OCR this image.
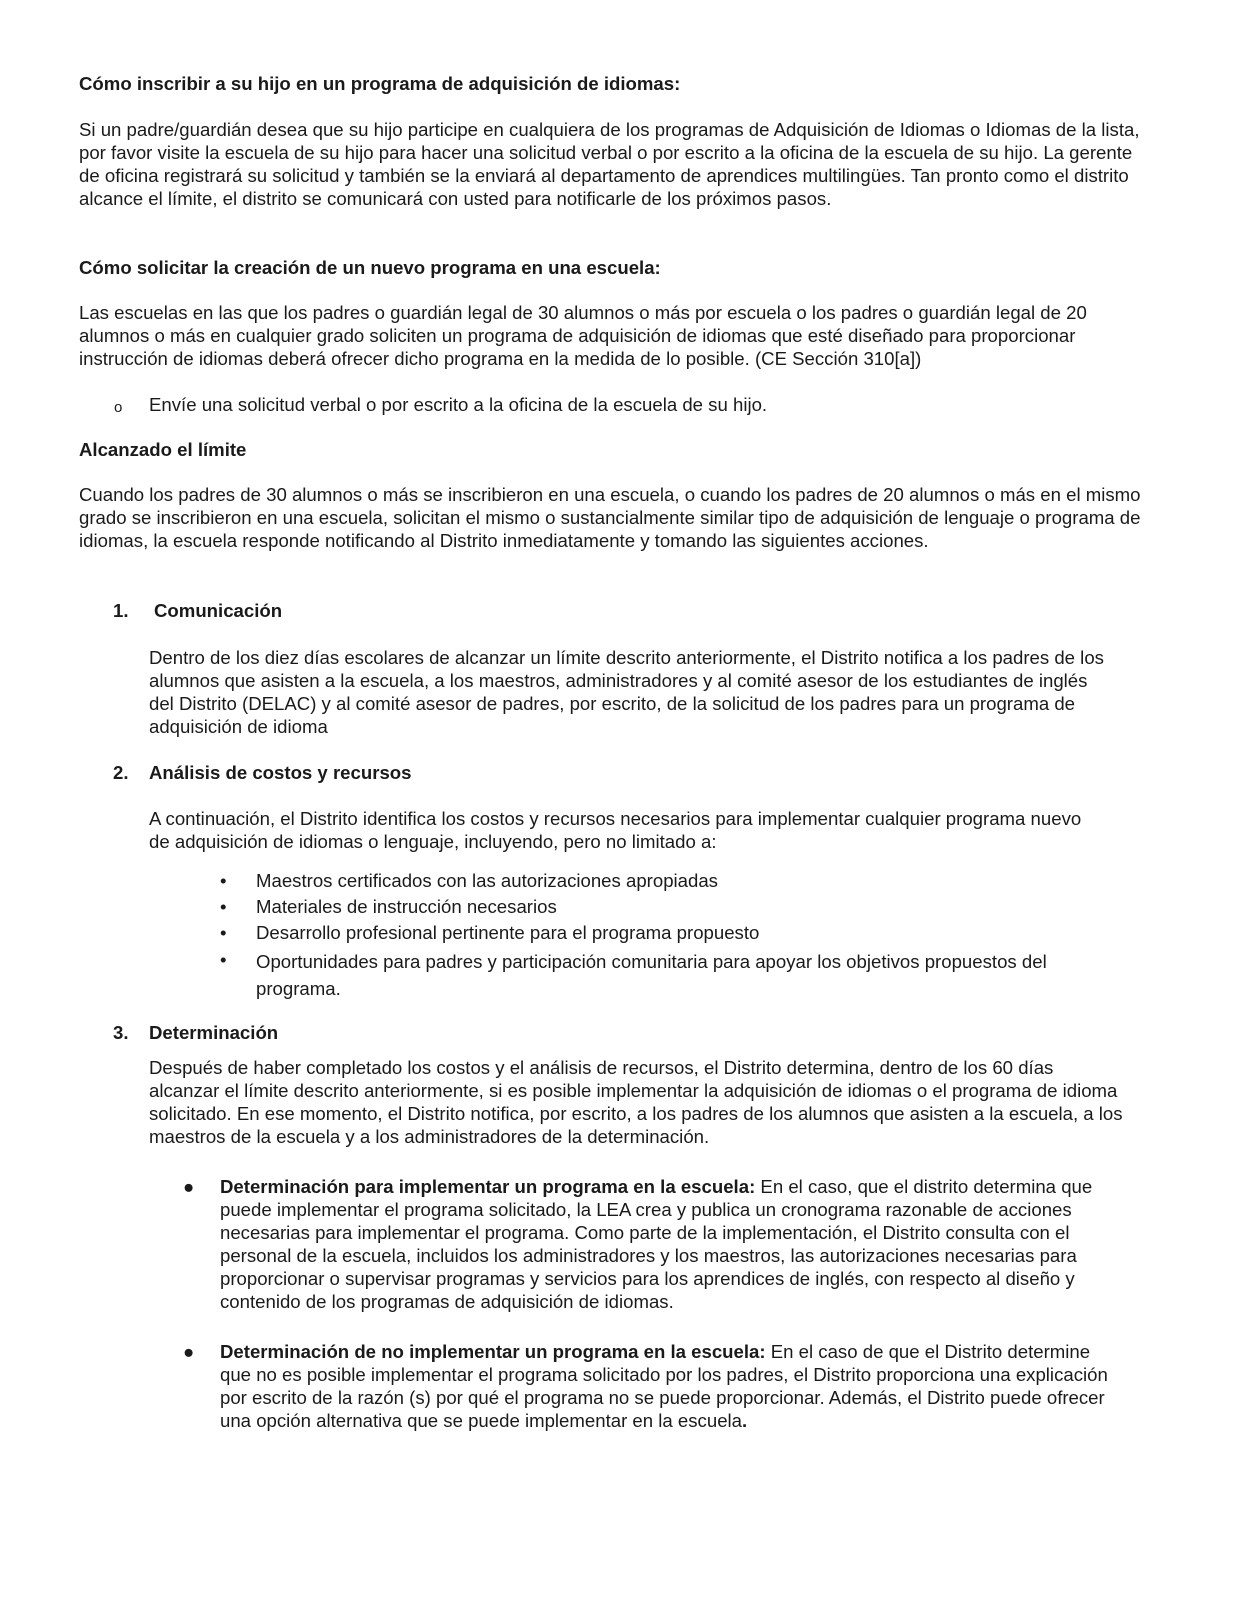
Cómo inscribir a su hijo en un programa de adquisición de idiomas:

Si un padre/guardián desea que su hijo participe en cualquiera de los programas de Adquisición de Idiomas o Idiomas de la lista, por favor visite la escuela de su hijo para hacer una solicitud verbal o por escrito a la oficina de la escuela de su hijo. La gerente de oficina registrará su solicitud y también se la enviará al departamento de aprendices multilingües. Tan pronto como el distrito alcance el límite, el distrito se comunicará con usted para notificarle de los próximos pasos.

Cómo solicitar la creación de un nuevo programa en una escuela:

Las escuelas en las que los padres o guardián legal de 30 alumnos o más por escuela o los padres o guardián legal de 20 alumnos o más en cualquier grado soliciten un programa de adquisición de idiomas que esté diseñado para proporcionar instrucción de idiomas deberá ofrecer dicho programa en la medida de lo posible. (CE Sección 310[a])

o Envíe una solicitud verbal o por escrito a la oficina de la escuela de su hijo.

Alcanzado el límite

Cuando los padres de 30 alumnos o más se inscribieron en una escuela, o cuando los padres de 20 alumnos o más en el mismo grado se inscribieron en una escuela, solicitan el mismo o sustancialmente similar tipo de adquisición de lenguaje o programa de idiomas, la escuela responde notificando al Distrito inmediatamente y tomando las siguientes acciones.

1. Comunicación

Dentro de los diez días escolares de alcanzar un límite descrito anteriormente, el Distrito notifica a los padres de los alumnos que asisten a la escuela, a los maestros, administradores y al comité asesor de los estudiantes de inglés del Distrito (DELAC) y al comité asesor de padres, por escrito, de la solicitud de los padres para un programa de adquisición de idioma

2. Análisis de costos y recursos

A continuación, el Distrito identifica los costos y recursos necesarios para implementar cualquier programa nuevo de adquisición de idiomas o lenguaje, incluyendo, pero no limitado a:

• Maestros certificados con las autorizaciones apropiadas

• Materiales de instrucción necesarios

• Desarrollo profesional pertinente para el programa propuesto

• Oportunidades para padres y participación comunitaria para apoyar los objetivos propuestos del programa.

3. Determinación

Después de haber completado los costos y el análisis de recursos, el Distrito determina, dentro de los 60 días alcanzar el límite descrito anteriormente, si es posible implementar la adquisición de idiomas o el programa de idioma solicitado. En ese momento, el Distrito notifica, por escrito, a los padres de los alumnos que asisten a la escuela, a los maestros de la escuela y a los administradores de la determinación.

● Determinación para implementar un programa en la escuela: En el caso, que el distrito determina que puede implementar el programa solicitado, la LEA crea y publica un cronograma razonable de acciones necesarias para implementar el programa. Como parte de la implementación, el Distrito consulta con el personal de la escuela, incluidos los administradores y los maestros, las autorizaciones necesarias para proporcionar o supervisar programas y servicios para los aprendices de inglés, con respecto al diseño y contenido de los programas de adquisición de idiomas.

● Determinación de no implementar un programa en la escuela: En el caso de que el Distrito determine que no es posible implementar el programa solicitado por los padres, el Distrito proporciona una explicación por escrito de la razón (s) por qué el programa no se puede proporcionar. Además, el Distrito puede ofrecer una opción alternativa que se puede implementar en la escuela.
